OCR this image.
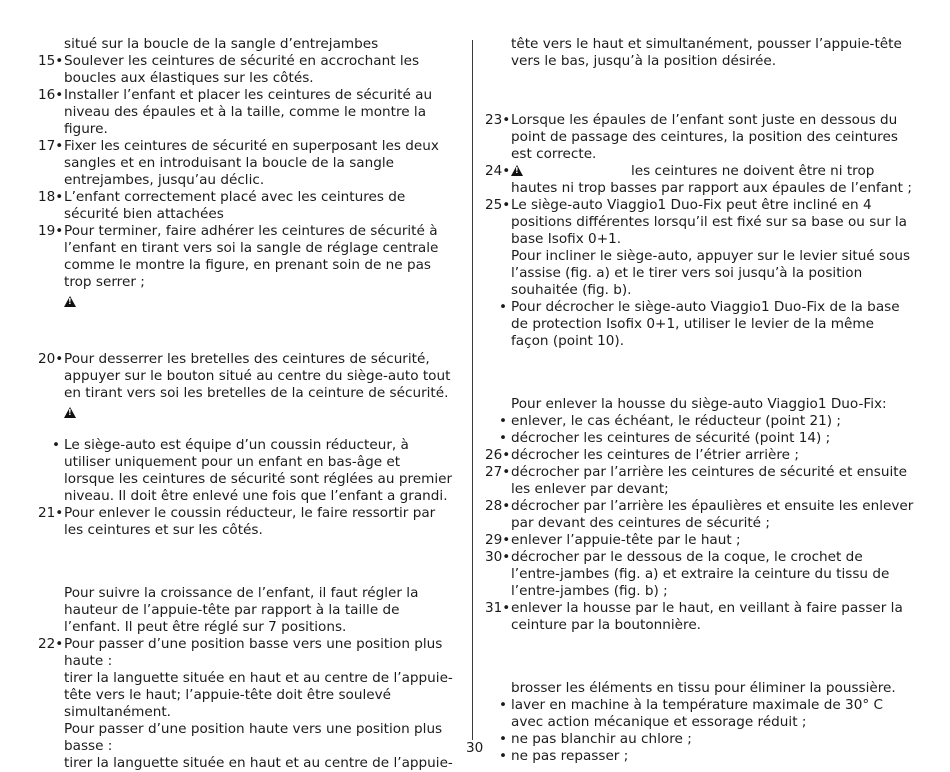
situé sur la boucle de la sangle d’entrejambes
15• Soulever les ceintures de sécurité en accrochant les boucles aux élastiques sur les côtés.
16• Installer l’enfant et placer les ceintures de sécurité au niveau des épaules et à la taille, comme le montre la figure.
17• Fixer les ceintures de sécurité en superposant les deux sangles et en introduisant la boucle de la sangle entrejambes, jusqu’au déclic.
18• L’enfant correctement placé avec les ceintures de sécurité bien attachées
19• Pour terminer, faire adhérer les ceintures de sécurité à l’enfant en tirant vers soi la sangle de réglage centrale comme le montre la figure, en prenant soin de ne pas trop serrer ;
!
20• Pour desserrer les bretelles des ceintures de sécurité, appuyer sur le bouton situé au centre du siège-auto tout en tirant vers soi les bretelles de la ceinture de sécurité.
!
• Le siège-auto est équipe d’un coussin réducteur, à utiliser uniquement pour un enfant en bas-âge et lorsque les ceintures de sécurité sont réglées au premier niveau. Il doit être enlevé une fois que l’enfant a grandi.
21• Pour enlever le coussin réducteur, le faire ressortir par les ceintures et sur les côtés.
Pour suivre la croissance de l’enfant, il faut régler la hauteur de l’appuie-tête par rapport à la taille de l’enfant. Il peut être réglé sur 7 positions.
22• Pour passer d’une position basse vers une position plus haute :
tirer la languette située en haut et au centre de l’appuie-tête vers le haut; l’appuie-tête doit être soulevé simultanément.
Pour passer d’une position haute vers une position plus basse :
tirer la languette située en haut et au centre de l’appuie-
tête vers le haut et simultanément, pousser l’appuie-tête vers le bas, jusqu’à la position désirée.
23• Lorsque les épaules de l’enfant sont juste en dessous du point de passage des ceintures, la position des ceintures est correcte.
24•
!	les ceintures ne doivent être ni trop
hautes ni trop basses par rapport aux épaules de l’enfant ;
25• Le siège-auto Viaggio1 Duo-Fix peut être incliné en 4 positions différentes lorsqu’il est fixé sur sa base ou sur la base Isofix 0+1.
Pour incliner le siège-auto, appuyer sur le levier situé sous l’assise (fig. a) et le tirer vers soi jusqu’à la position souhaitée (fig. b).
• Pour décrocher le siège-auto Viaggio1 Duo-Fix de la base de protection Isofix 0+1, utiliser le levier de la même façon (point 10).
Pour enlever la housse du siège-auto Viaggio1 Duo-Fix:
• enlever, le cas échéant, le réducteur (point 21) ;
• décrocher les ceintures de sécurité (point 14) ;
26• décrocher les ceintures de l’étrier arrière ;
27• décrocher par l’arrière les ceintures de sécurité et ensuite les enlever par devant;
28• décrocher par l’arrière les épaulières et ensuite les enlever par devant des ceintures de sécurité ;
29• enlever l’appuie-tête par le haut ;
30• décrocher par le dessous de la coque, le crochet de l’entre-jambes (fig. a) et extraire la ceinture du tissu de l’entre-jambes (fig. b) ;
31• enlever la housse par le haut, en veillant à faire passer la ceinture par la boutonnière.
brosser les éléments en tissu pour éliminer la poussière.
• laver en machine à la température maximale de 30° C avec action mécanique et essorage réduit ;
• ne pas blanchir au chlore ;
• ne pas repasser ;
30
